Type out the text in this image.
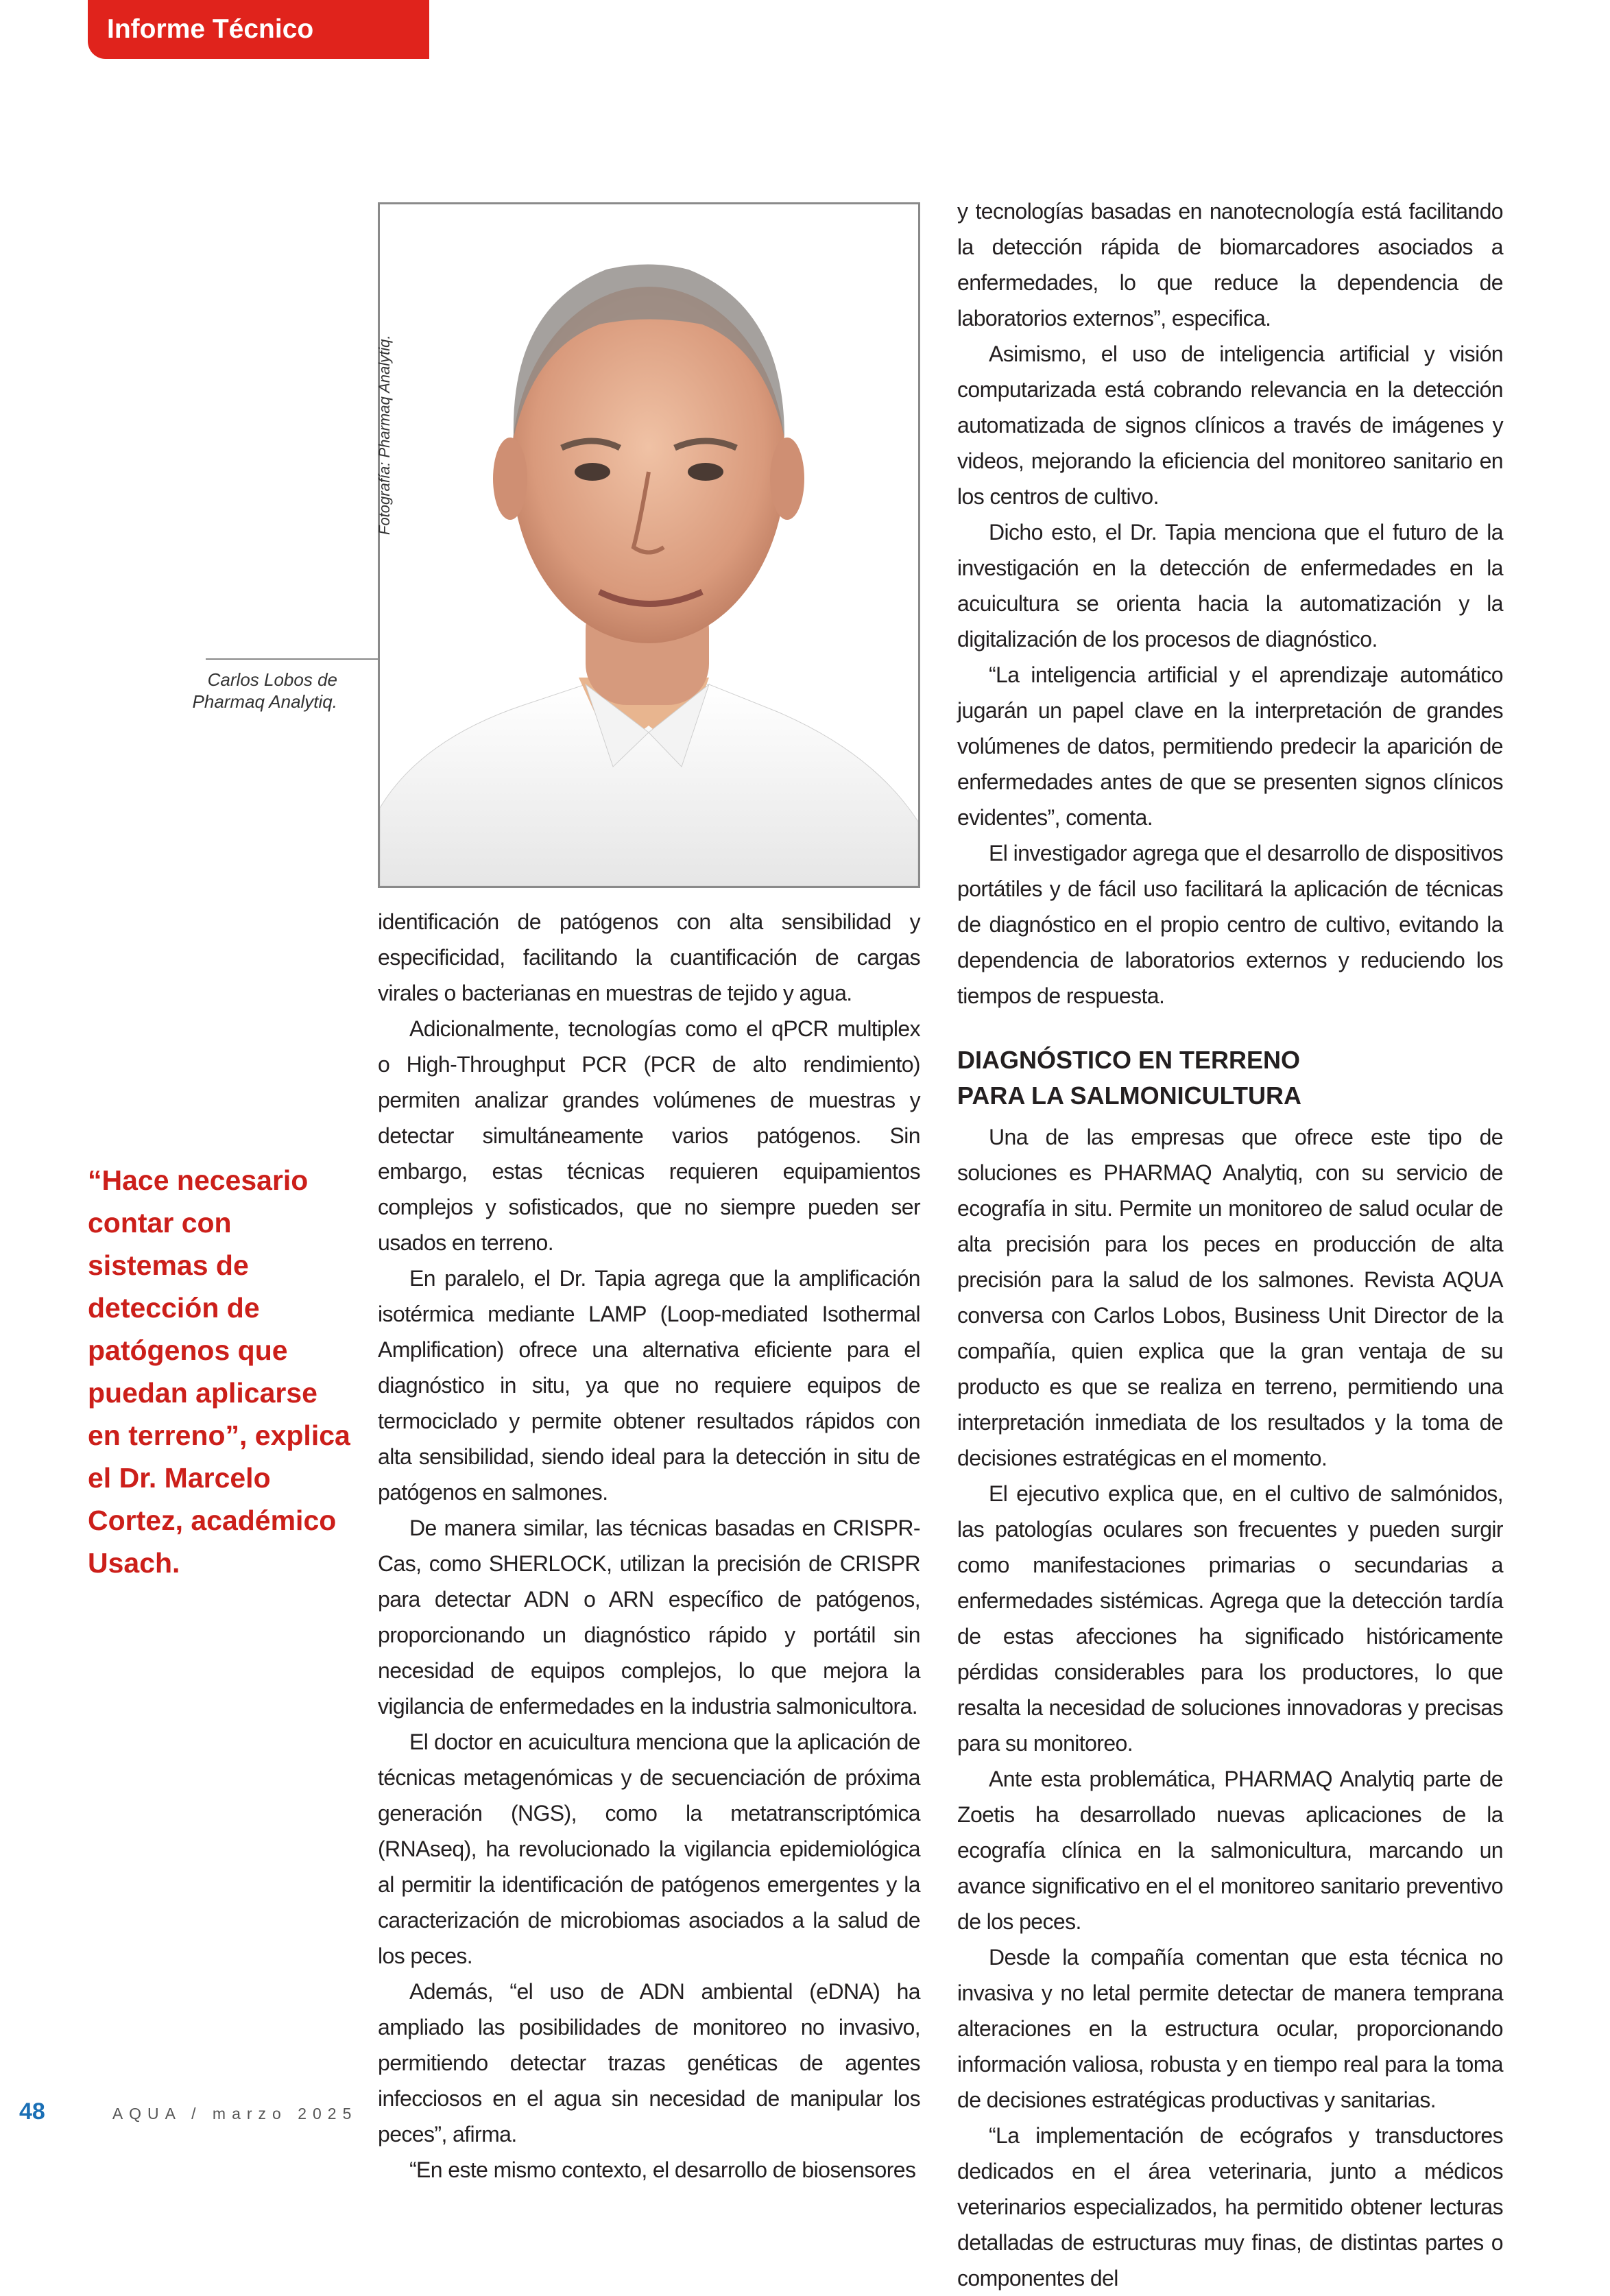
Informe Técnico
Fotografía: Pharmaq Analytiq.
Carlos Lobos de Pharmaq Analytiq.
“Hace necesario contar con sistemas de detección de patógenos que puedan aplicarse en terreno”, explica el Dr. Marcelo Cortez, académico Usach.

identificación de patógenos con alta sensibilidad y especificidad, facilitando la cuantificación de cargas virales o bacterianas en muestras de tejido y agua.

Adicionalmente, tecnologías como el qPCR multiplex o High-Throughput PCR (PCR de alto rendimiento) permiten analizar grandes volúmenes de muestras y detectar simultáneamente varios patógenos. Sin embargo, estas técnicas requieren equipamientos complejos y sofisticados, que no siempre pueden ser usados en terreno.

En paralelo, el Dr. Tapia agrega que la amplificación isotérmica mediante LAMP (Loop-mediated Isothermal Amplification) ofrece una alternativa eficiente para el diagnóstico in situ, ya que no requiere equipos de termociclado y permite obtener resultados rápidos con alta sensibilidad, siendo ideal para la detección in situ de patógenos en salmones.

De manera similar, las técnicas basadas en CRISPR-Cas, como SHERLOCK, utilizan la precisión de CRISPR para detectar ADN o ARN específico de patógenos, proporcionando un diagnóstico rápido y portátil sin necesidad de equipos complejos, lo que mejora la vigilancia de enfermedades en la industria salmonicultora.

El doctor en acuicultura menciona que la aplicación de técnicas metagenómicas y de secuenciación de próxima generación (NGS), como la metatranscriptómica (RNAseq), ha revolucionado la vigilancia epidemiológica al permitir la identificación de patógenos emergentes y la caracterización de microbiomas asociados a la salud de los peces.

Además, “el uso de ADN ambiental (eDNA) ha ampliado las posibilidades de monitoreo no invasivo, permitiendo detectar trazas genéticas de agentes infecciosos en el agua sin necesidad de manipular los peces”, afirma.

“En este mismo contexto, el desarrollo de biosensores

y tecnologías basadas en nanotecnología está facilitando la detección rápida de biomarcadores asociados a enfermedades, lo que reduce la dependencia de laboratorios externos”, especifica.

Asimismo, el uso de inteligencia artificial y visión computarizada está cobrando relevancia en la detección automatizada de signos clínicos a través de imágenes y videos, mejorando la eficiencia del monitoreo sanitario en los centros de cultivo.

Dicho esto, el Dr. Tapia menciona que el futuro de la investigación en la detección de enfermedades en la acuicultura se orienta hacia la automatización y la digitalización de los procesos de diagnóstico.

“La inteligencia artificial y el aprendizaje automático jugarán un papel clave en la interpretación de grandes volúmenes de datos, permitiendo predecir la aparición de enfermedades antes de que se presenten signos clínicos evidentes”, comenta.

El investigador agrega que el desarrollo de dispositivos portátiles y de fácil uso facilitará la aplicación de técnicas de diagnóstico en el propio centro de cultivo, evitando la dependencia de laboratorios externos y reduciendo los tiempos de respuesta.

DIAGNÓSTICO EN TERRENO
PARA LA SALMONICULTURA

Una de las empresas que ofrece este tipo de soluciones es PHARMAQ Analytiq, con su servicio de ecografía in situ. Permite un monitoreo de salud ocular de alta precisión para los peces en producción de alta precisión para la salud de los salmones. Revista AQUA conversa con Carlos Lobos, Business Unit Director de la compañía, quien explica que la gran ventaja de su producto es que se realiza en terreno, permitiendo una interpretación inmediata de los resultados y la toma de decisiones estratégicas en el momento.

El ejecutivo explica que, en el cultivo de salmónidos, las patologías oculares son frecuentes y pueden surgir como manifestaciones primarias o secundarias a enfermedades sistémicas. Agrega que la detección tardía de estas afecciones ha significado históricamente pérdidas considerables para los productores, lo que resalta la necesidad de soluciones innovadoras y precisas para su monitoreo.

Ante esta problemática, PHARMAQ Analytiq parte de Zoetis ha desarrollado nuevas aplicaciones de la ecografía clínica en la salmonicultura, marcando un avance significativo en el el monitoreo sanitario preventivo de los peces.

Desde la compañía comentan que esta técnica no invasiva y no letal permite detectar de manera temprana alteraciones en la estructura ocular, proporcionando información valiosa, robusta y en tiempo real para la toma de decisiones estratégicas productivas y sanitarias.

“La implementación de ecógrafos y transductores dedicados en el área veterinaria, junto a médicos veterinarios especializados, ha permitido obtener lecturas detalladas de estructuras muy finas, de distintas partes o componentes del

48	AQUA / marzo 2025
